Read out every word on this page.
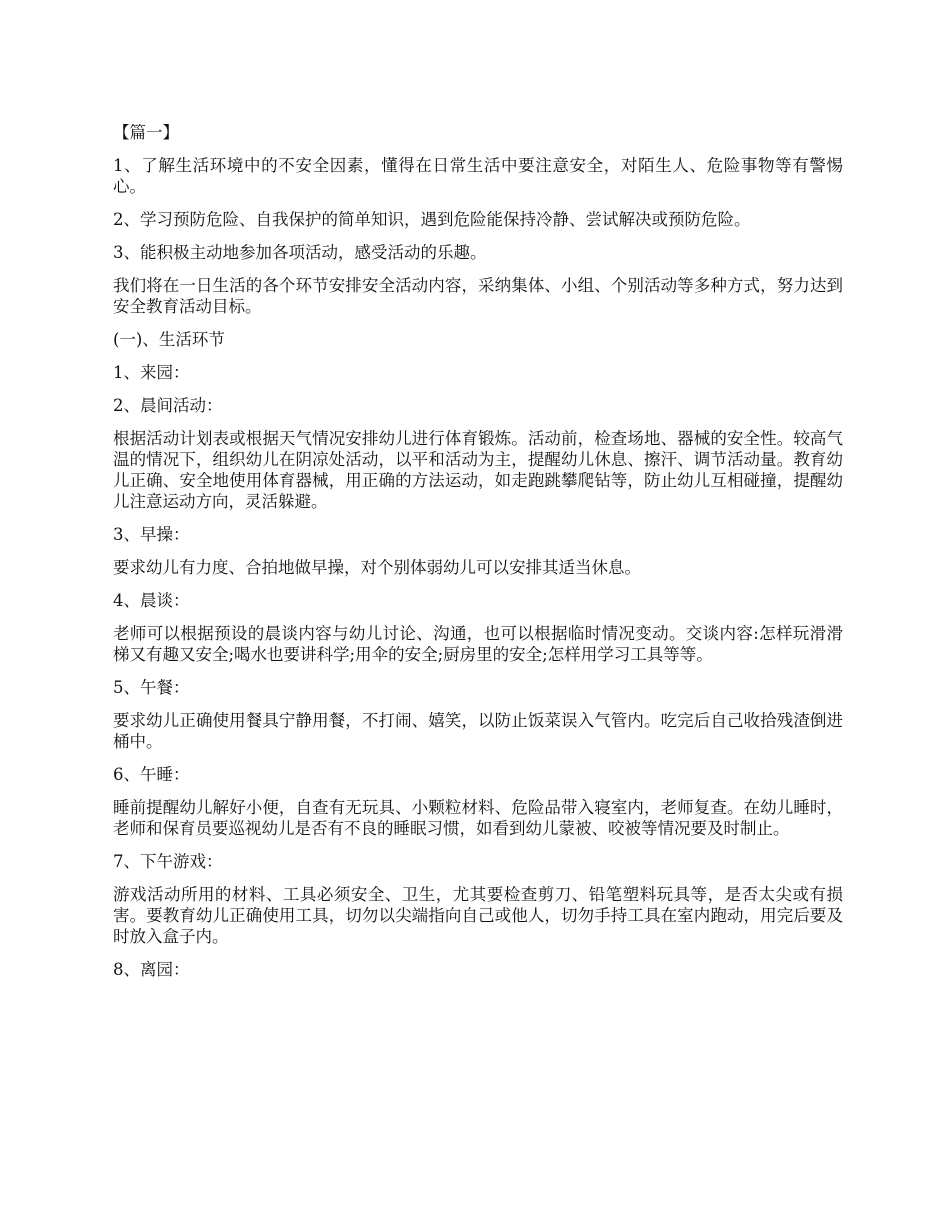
【篇一】

1、了解生活环境中的不安全因素，懂得在日常生活中要注意安全，对陌生人、危险事物等有警惕心。

2、学习预防危险、自我保护的简单知识，遇到危险能保持冷静、尝试解决或预防危险。

3、能积极主动地参加各项活动，感受活动的乐趣。

我们将在一日生活的各个环节安排安全活动内容，采纳集体、小组、个别活动等多种方式，努力达到安全教育活动目标。

(一)、生活环节

1、来园：

2、晨间活动：

根据活动计划表或根据天气情况安排幼儿进行体育锻炼。活动前，检查场地、器械的安全性。较高气温的情况下，组织幼儿在阴凉处活动，以平和活动为主，提醒幼儿休息、擦汗、调节活动量。教育幼儿正确、安全地使用体育器械，用正确的方法运动，如走跑跳攀爬钻等，防止幼儿互相碰撞，提醒幼儿注意运动方向，灵活躲避。

3、早操：

要求幼儿有力度、合拍地做早操，对个别体弱幼儿可以安排其适当休息。

4、晨谈：

老师可以根据预设的晨谈内容与幼儿讨论、沟通，也可以根据临时情况变动。交谈内容:怎样玩滑滑梯又有趣又安全;喝水也要讲科学;用伞的安全;厨房里的安全;怎样用学习工具等等。

5、午餐：

要求幼儿正确使用餐具宁静用餐，不打闹、嬉笑，以防止饭菜误入气管内。吃完后自己收拾残渣倒进桶中。

6、午睡：

睡前提醒幼儿解好小便，自查有无玩具、小颗粒材料、危险品带入寝室内，老师复查。在幼儿睡时，老师和保育员要巡视幼儿是否有不良的睡眠习惯，如看到幼儿蒙被、咬被等情况要及时制止。

7、下午游戏：

游戏活动所用的材料、工具必须安全、卫生，尤其要检查剪刀、铅笔塑料玩具等，是否太尖或有损害。要教育幼儿正确使用工具，切勿以尖端指向自己或他人，切勿手持工具在室内跑动，用完后要及时放入盒子内。

8、离园：
